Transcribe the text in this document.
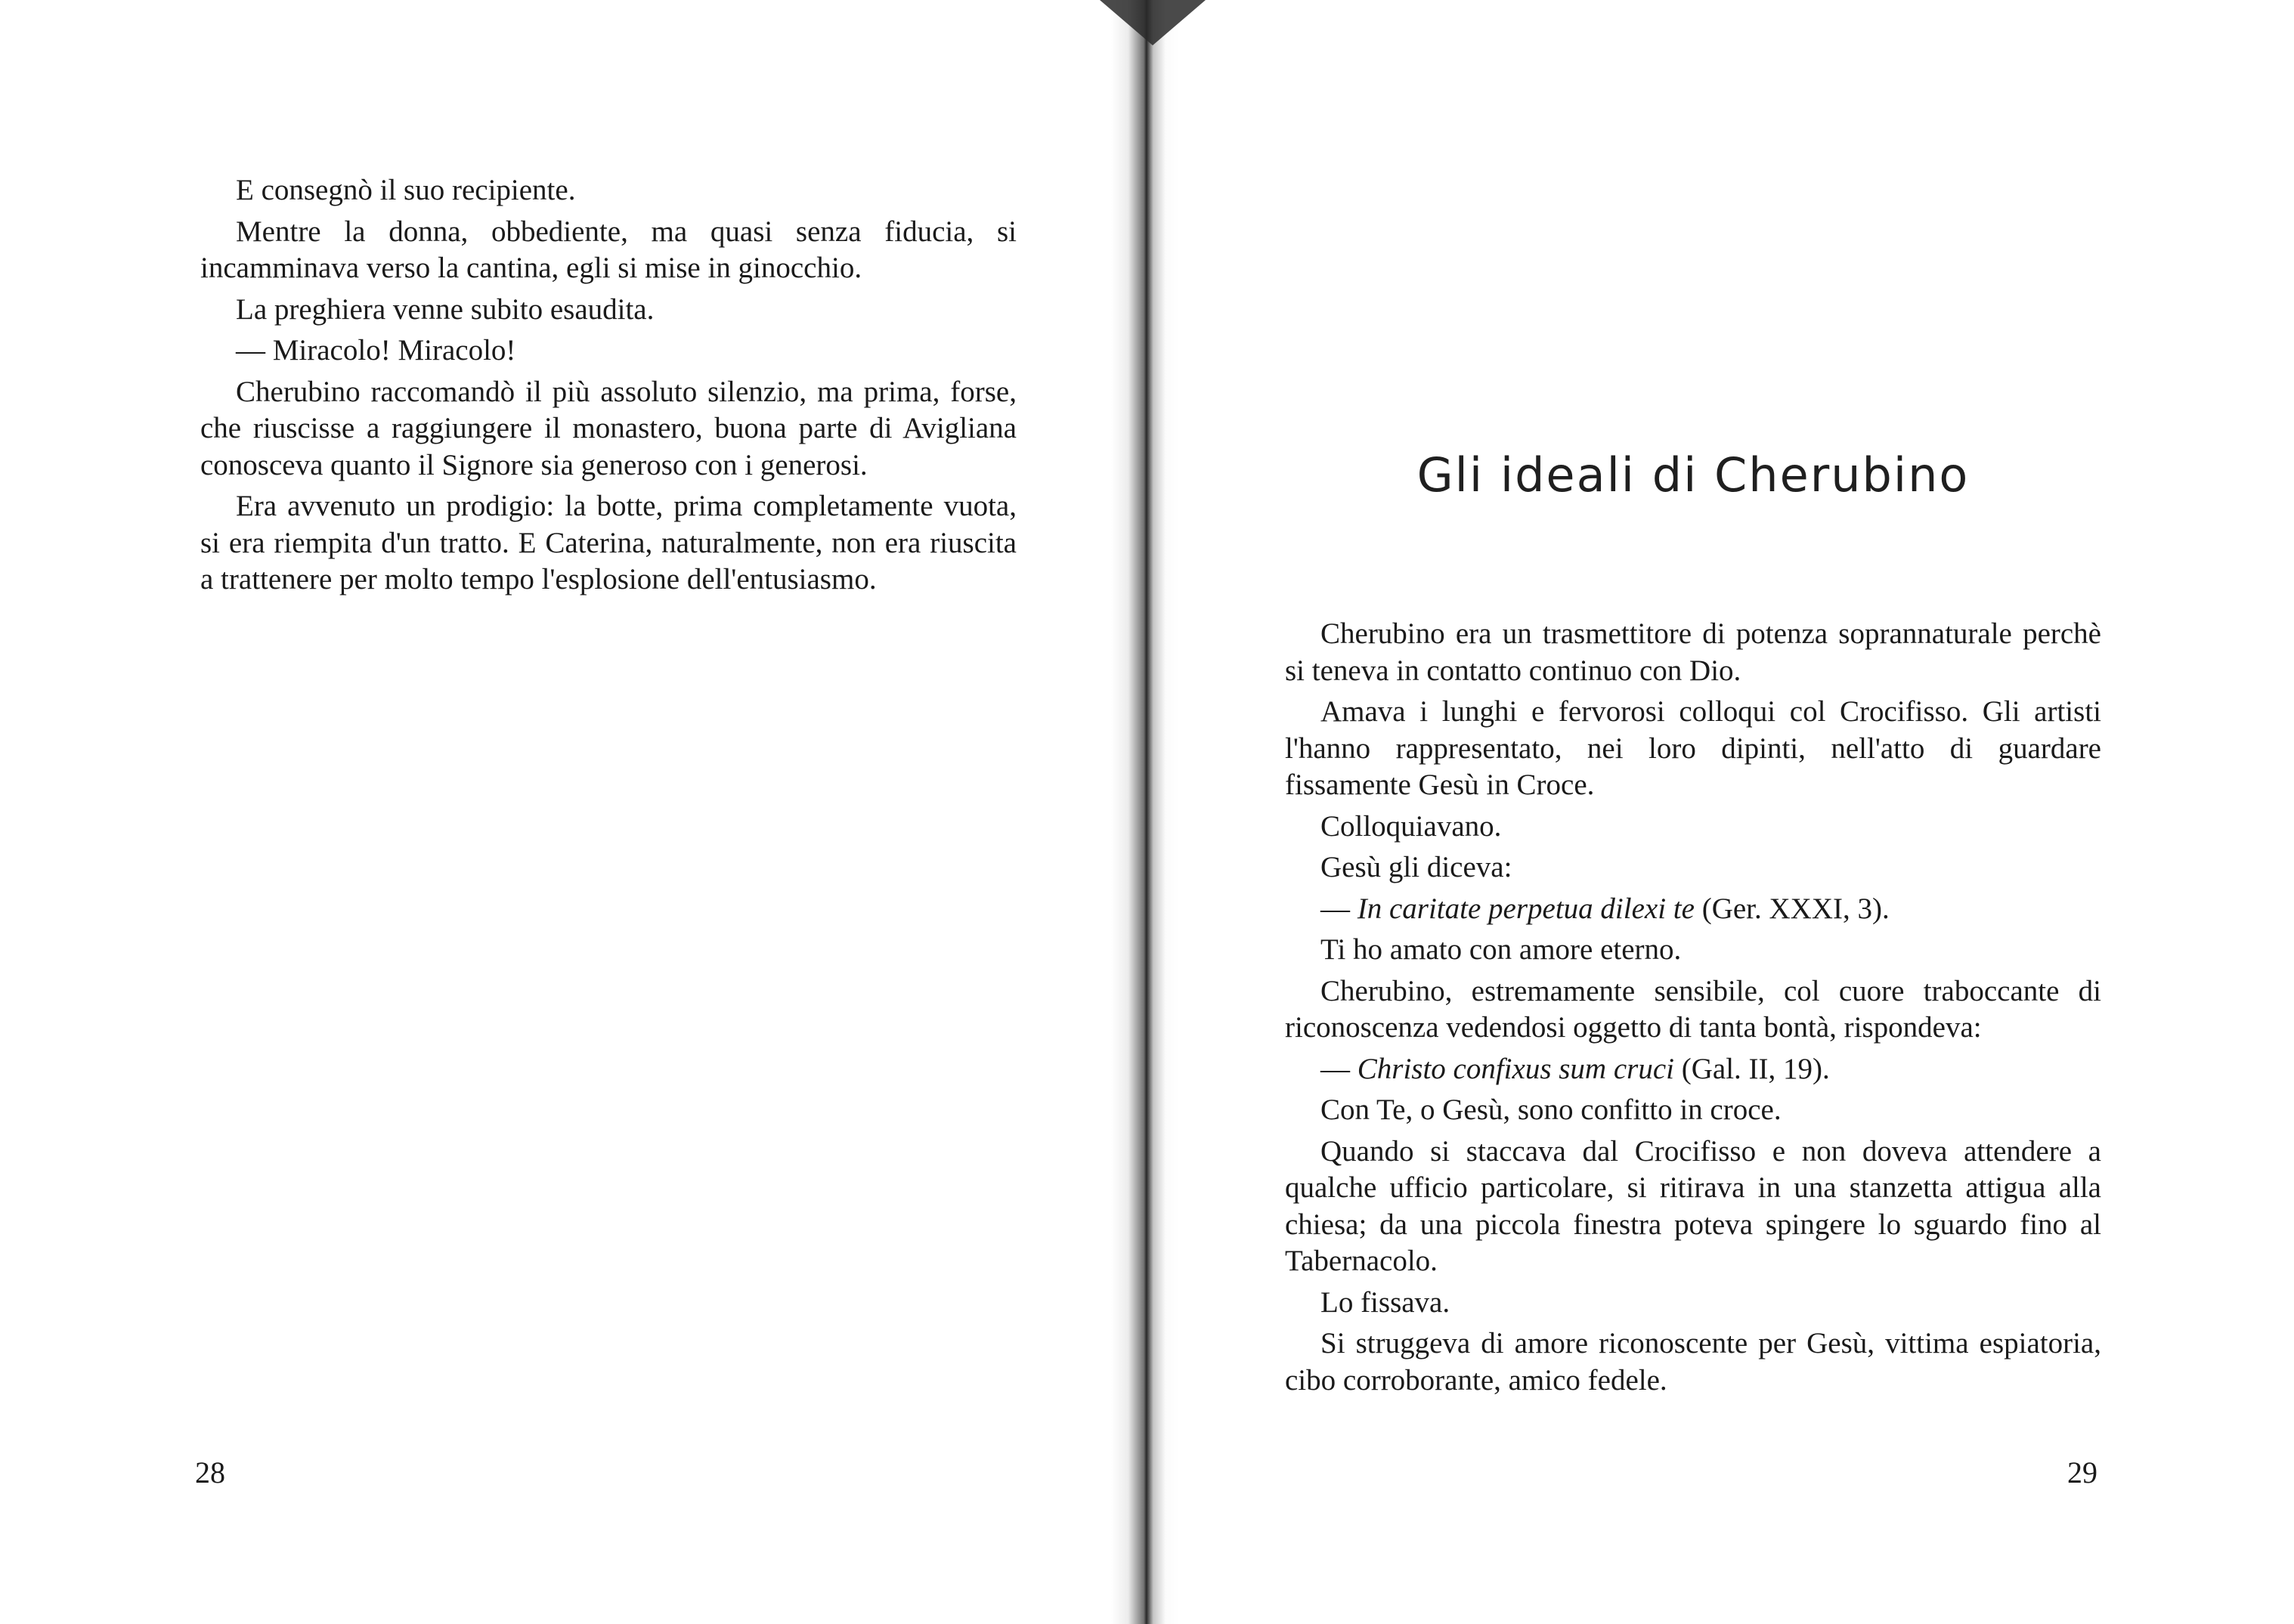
E consegnò il suo recipiente.

Mentre la donna, obbediente, ma quasi senza fiducia, si incamminava verso la cantina, egli si mise in ginocchio.

La preghiera venne subito esaudita.

— Miracolo! Miracolo!

Cherubino raccomandò il più assoluto silenzio, ma prima, forse, che riuscisse a raggiungere il monastero, buona parte di Avigliana conosceva quanto il Signore sia generoso con i generosi.

Era avvenuto un prodigio: la botte, prima completamente vuota, si era riempita d'un tratto. E Caterina, naturalmente, non era riuscita a trattenere per molto tempo l'esplosione dell'entusiasmo.

28
Gli ideali di Cherubino

Cherubino era un trasmettitore di potenza soprannaturale perchè si teneva in contatto continuo con Dio.

Amava i lunghi e fervorosi colloqui col Crocifisso. Gli artisti l'hanno rappresentato, nei loro dipinti, nell'atto di guardare fissamente Gesù in Croce.

Colloquiavano.

Gesù gli diceva:

— In caritate perpetua dilexi te (Ger. XXXI, 3).

Ti ho amato con amore eterno.

Cherubino, estremamente sensibile, col cuore traboccante di riconoscenza vedendosi oggetto di tanta bontà, rispondeva:

— Christo confixus sum cruci (Gal. II, 19).

Con Te, o Gesù, sono confitto in croce.

Quando si staccava dal Crocifisso e non doveva attendere a qualche ufficio particolare, si ritirava in una stanzetta attigua alla chiesa; da una piccola finestra poteva spingere lo sguardo fino al Tabernacolo.

Lo fissava.

Si struggeva di amore riconoscente per Gesù, vittima espiatoria, cibo corroborante, amico fedele.

29
